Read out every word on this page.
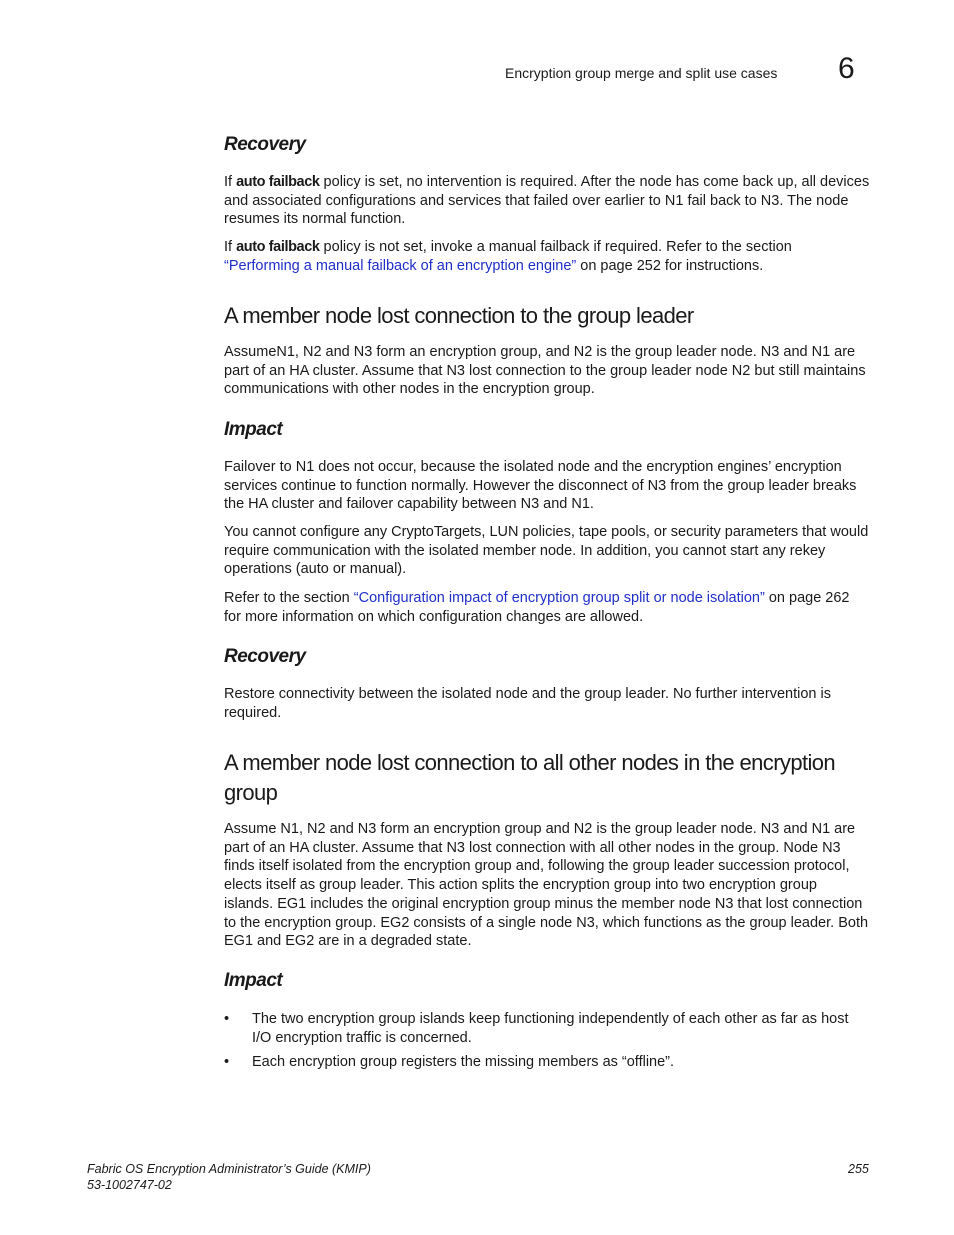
Encryption group merge and split use cases 6
Recovery

If auto failback policy is set, no intervention is required. After the node has come back up, all devices and associated configurations and services that failed over earlier to N1 fail back to N3. The node resumes its normal function.

If auto failback policy is not set, invoke a manual failback if required. Refer to the section “Performing a manual failback of an encryption engine” on page 252 for instructions.

A member node lost connection to the group leader

AssumeN1, N2 and N3 form an encryption group, and N2 is the group leader node. N3 and N1 are part of an HA cluster. Assume that N3 lost connection to the group leader node N2 but still maintains communications with other nodes in the encryption group.

Impact

Failover to N1 does not occur, because the isolated node and the encryption engines’ encryption services continue to function normally. However the disconnect of N3 from the group leader breaks the HA cluster and failover capability between N3 and N1.

You cannot configure any CryptoTargets, LUN policies, tape pools, or security parameters that would require communication with the isolated member node. In addition, you cannot start any rekey operations (auto or manual).

Refer to the section “Configuration impact of encryption group split or node isolation” on page 262 for more information on which configuration changes are allowed.

Recovery

Restore connectivity between the isolated node and the group leader. No further intervention is required.

A member node lost connection to all other nodes in the encryption group

Assume N1, N2 and N3 form an encryption group and N2 is the group leader node. N3 and N1 are part of an HA cluster. Assume that N3 lost connection with all other nodes in the group. Node N3 finds itself isolated from the encryption group and, following the group leader succession protocol, elects itself as group leader. This action splits the encryption group into two encryption group islands. EG1 includes the original encryption group minus the member node N3 that lost connection to the encryption group. EG2 consists of a single node N3, which functions as the group leader. Both EG1 and EG2 are in a degraded state.

Impact
• The two encryption group islands keep functioning independently of each other as far as host I/O encryption traffic is concerned.
• Each encryption group registers the missing members as “offline”.
Fabric OS Encryption Administrator’s Guide (KMIP)
53-1002747-02
255
